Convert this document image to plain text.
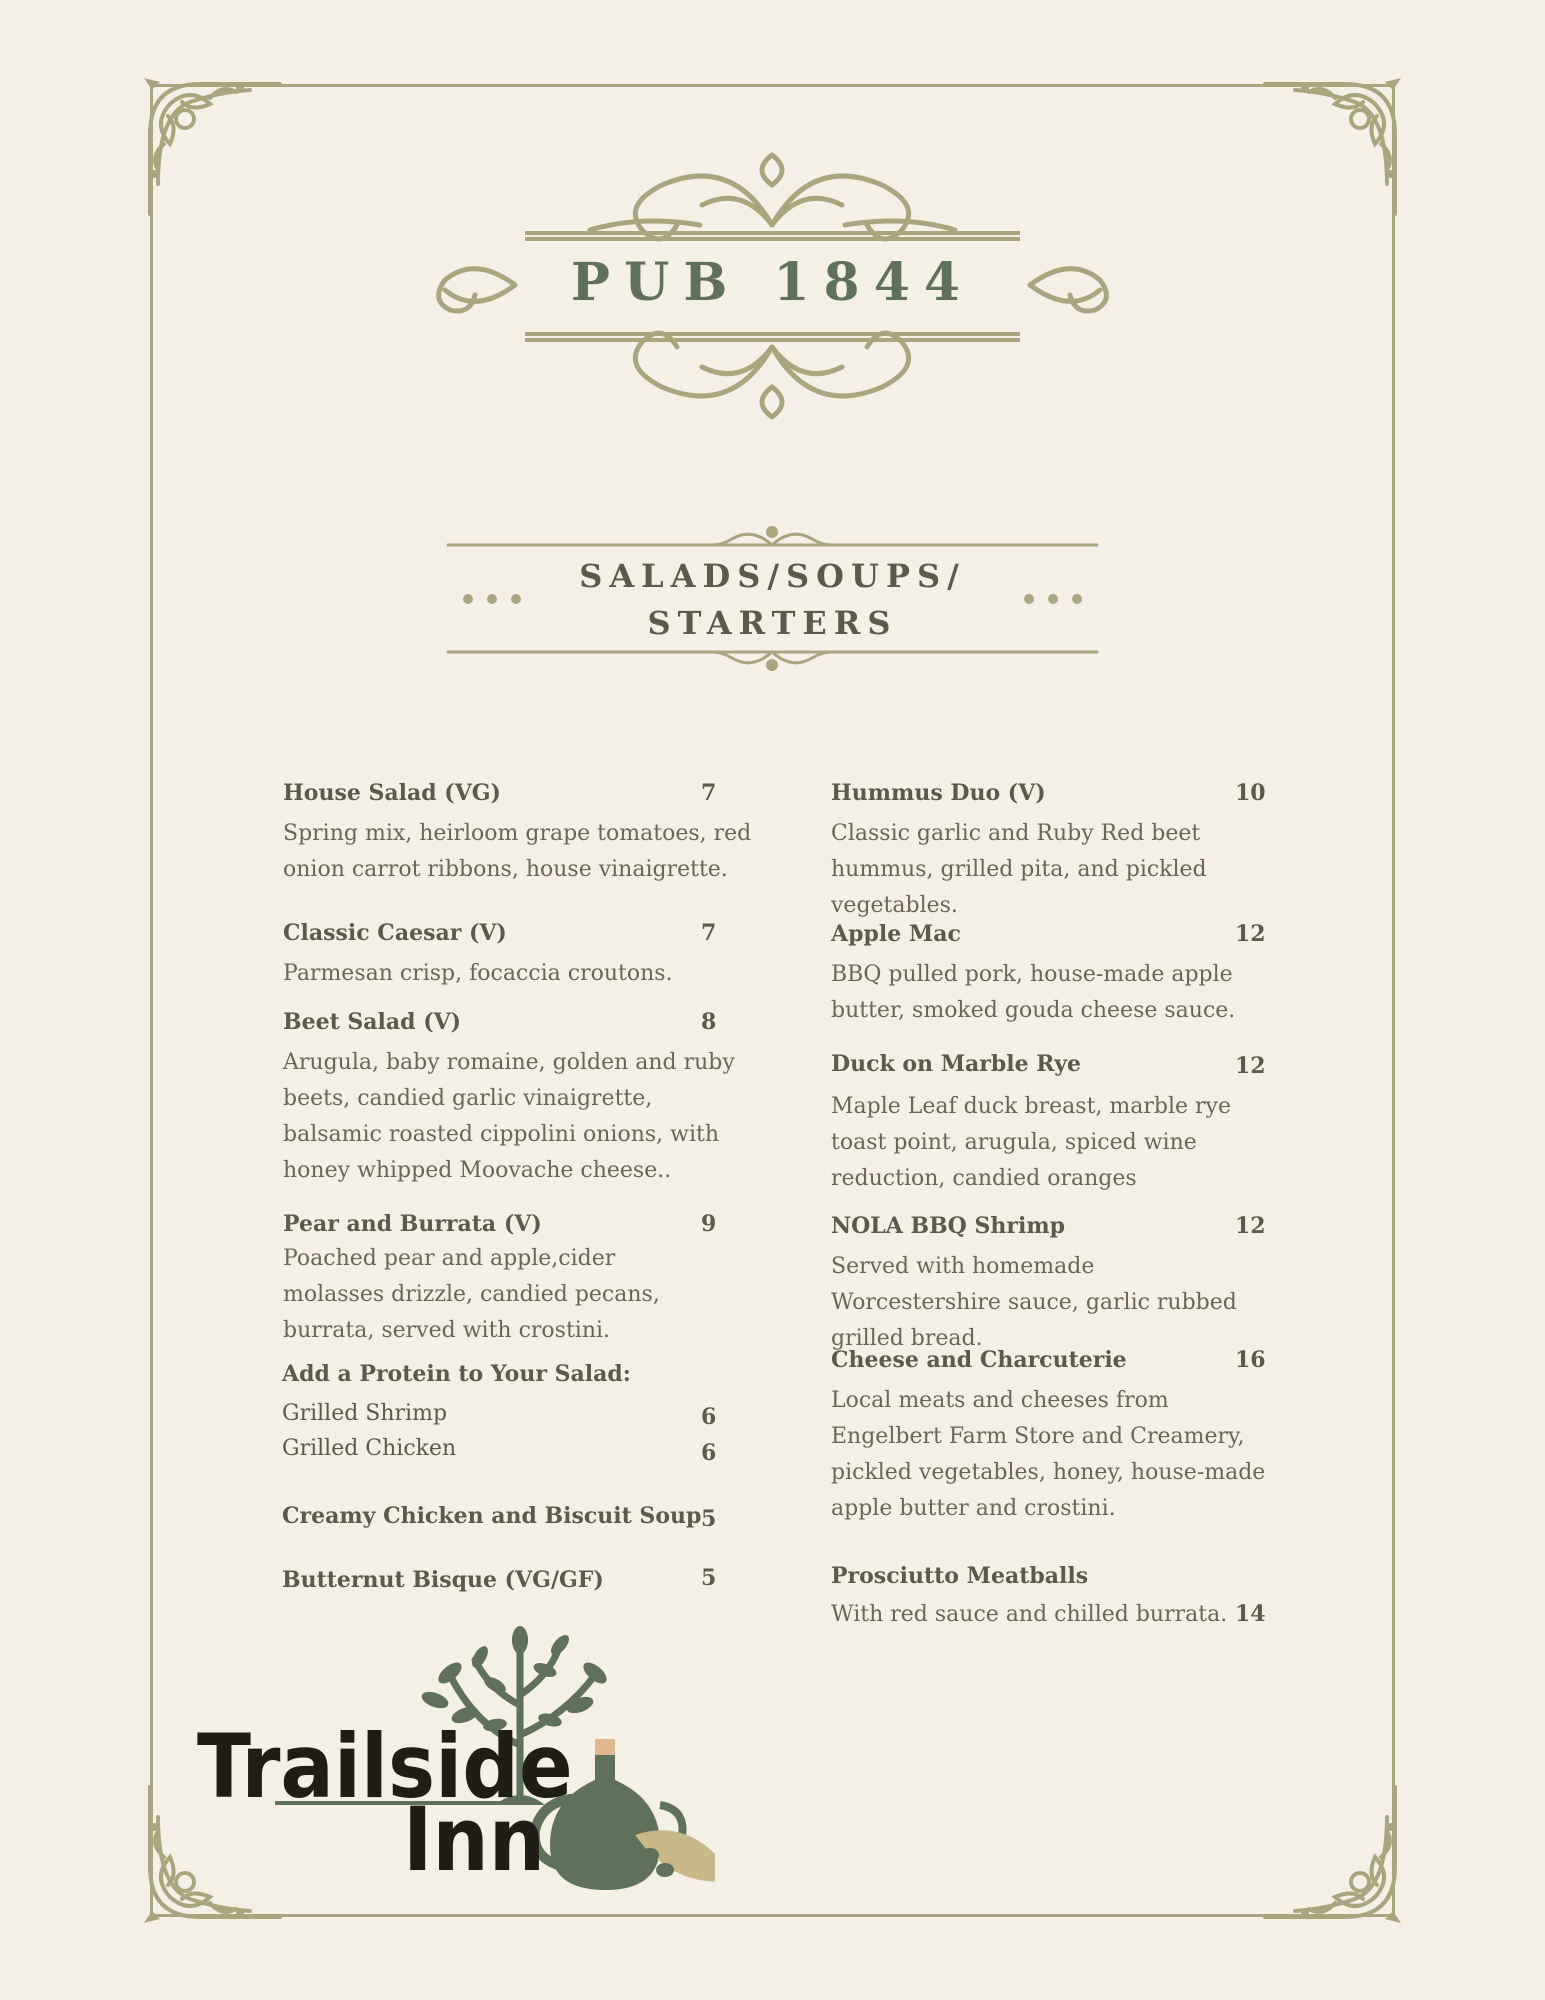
PUB 1844
SALADS/SOUPS/
STARTERS

House Salad (VG)	7

Spring mix, heirloom grape tomatoes, red onion carrot ribbons, house vinaigrette.

Classic Caesar (V)	7

Parmesan crisp, focaccia croutons.

Beet Salad (V)	8

Arugula, baby romaine, golden and ruby beets, candied garlic vinaigrette, balsamic roasted cippolini onions, with honey whipped Moovache cheese..

Pear and Burrata (V)	9

Poached pear and apple,cider molasses drizzle, candied pecans, burrata, served with crostini.

Add a Protein to Your Salad:

Grilled Shrimp	6

Grilled Chicken	6

Creamy Chicken and Biscuit Soup 5

Butternut Bisque (VG/GF)	5

Hummus Duo (V)	10

Classic garlic and Ruby Red beet hummus, grilled pita, and pickled vegetables.

Apple Mac	12

BBQ pulled pork, house-made apple butter, smoked gouda cheese sauce.

Duck on Marble Rye	12

Maple Leaf duck breast, marble rye toast point, arugula, spiced wine reduction, candied oranges

NOLA BBQ Shrimp	12

Served with homemade Worcestershire sauce, garlic rubbed grilled bread.

Cheese and Charcuterie	16

Local meats and cheeses from Engelbert Farm Store and Creamery, pickled vegetables, honey, house-made apple butter and crostini.

Prosciutto Meatballs

With red sauce and chilled burrata. 14

Trailside
Inn
